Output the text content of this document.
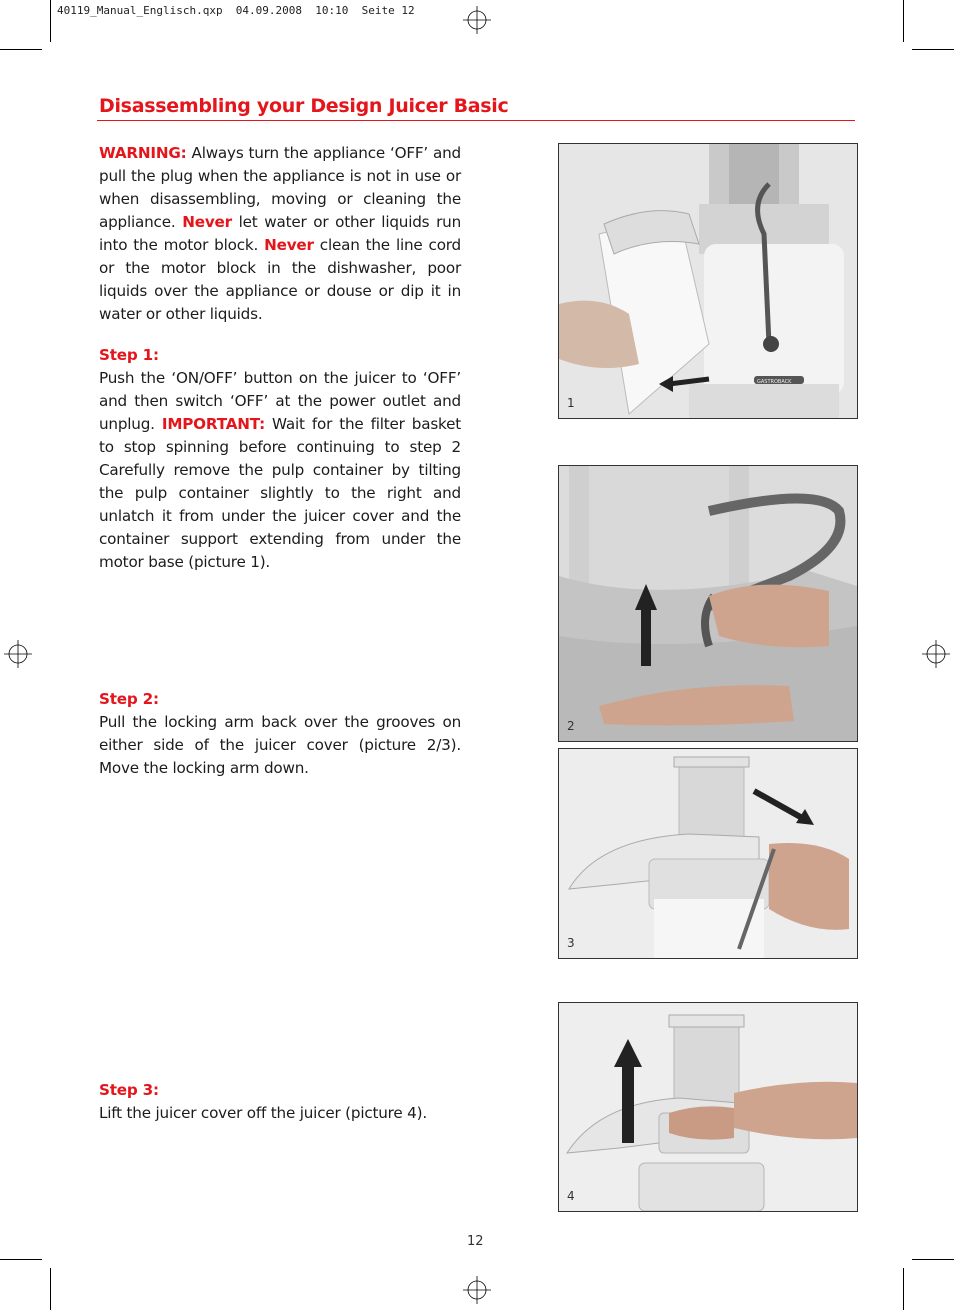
40119_Manual_Englisch.qxp  04.09.2008  10:10  Seite 12
Disassembling your Design Juicer Basic
WARNING: Always turn the appliance ‘OFF’ and pull the plug when the appliance is not in use or when disassembling, moving or cleaning the appliance. Never let water or other liquids run into the motor block. Never clean the line cord or the motor block in the dishwasher, poor liquids over the appliance or douse or dip it in water or other liquids.
Step 1:
Push the ‘ON/OFF’ button on the juicer to ‘OFF’ and then switch ‘OFF’ at the power outlet and unplug. IMPORTANT: Wait for the filter basket to stop spinning before continuing to step 2 Carefully remove the pulp container by tilting the pulp container slightly to the right and unlatch it from under the juicer cover and the container support extending from under the motor base (picture 1).
Step 2:
Pull the locking arm back over the grooves on either side of the juicer cover (picture 2/3). Move the locking arm down.
Step 3:
Lift the juicer cover off the juicer (picture 4).
GASTROBACK
1
2
3
4
12
